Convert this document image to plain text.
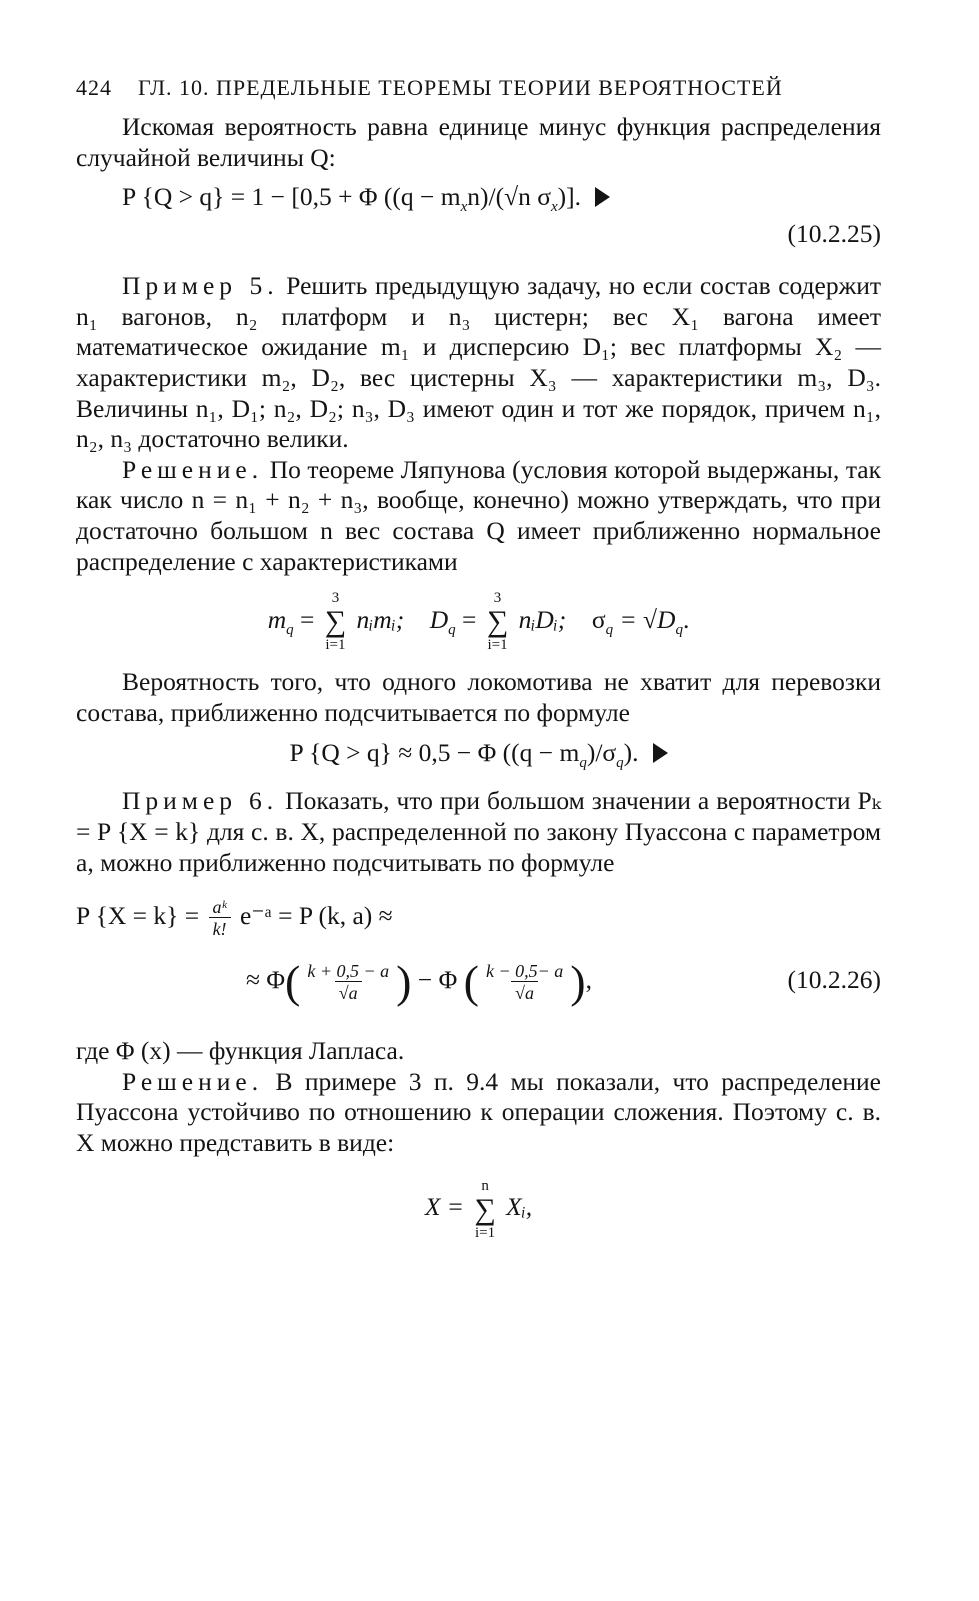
424 ГЛ. 10. ПРЕДЕЛЬНЫЕ ТЕОРЕМЫ ТЕОРИИ ВЕРОЯТНОСТЕЙ

Искомая вероятность равна единице минус функция распределения случайной величины Q:

P {Q > q} = 1 − [0,5 + Φ ($(q - m_xn)/(√n$ $\sigma_x$)].
(10.2.25)

Пример 5. Решить предыдущую задачу, но если состав содержит n₁ вагонов, n₂ платформ и n₃ цистерн; вес X₁ вагона имеет математическое ожидание m₁ и дисперсию D₁; вес платформы X₂ — характеристики m₂, D₂, вес цистерны X₃ — характеристики m₃, D₃. Величины n₁, D₁; n₂, D₂; n₃, D₃ имеют один и тот же порядок, причем n₁, n₂, n₃ достаточно велики.

Решение. По теореме Ляпунова (условия которой выдержаны, так как число n = n₁ + n₂ + n₃, вообще, конечно) можно утверждать, что при достаточно большом n вес состава Q имеет приближенно нормальное распределение с характеристиками

$m_q$ =
3
∑
i=1
nᵢmᵢ; $D_q$ =
3
∑
i=1
nᵢDᵢ; $\sigma_q = √D_q$.

Вероятность того, что одного локомотива не хватит для перевозки состава, приближенно подсчитывается по формуле

P {Q > q} ≈ 0,5 − Φ $((q - m_q)/\sigma_q)$.

Пример 6. Показать, что при большом значении a вероятности Pₖ = P {X = k} для с. в. X, распределенной по закону Пуассона с параметром a, можно приближенно подсчитывать по формуле

P $\{X = k\} = \frac{\text{aᵏ}}{k!}$ e⁻ᵃ = P (k, a) ≈
≈ $\Phi( \frac{k + 0,5 - a}{√a}$ ) − Φ ( $\frac{k - 0,5- a}{√a}$ ),	(10.2.26)

где Φ (x) — функция Лапласа.

Решение. В примере 3 п. 9.4 мы показали, что распределение Пуассона устойчиво по отношению к операции сложения. Поэтому с. в. X можно представить в виде:

X =
n
∑
i=1
Xᵢ,
